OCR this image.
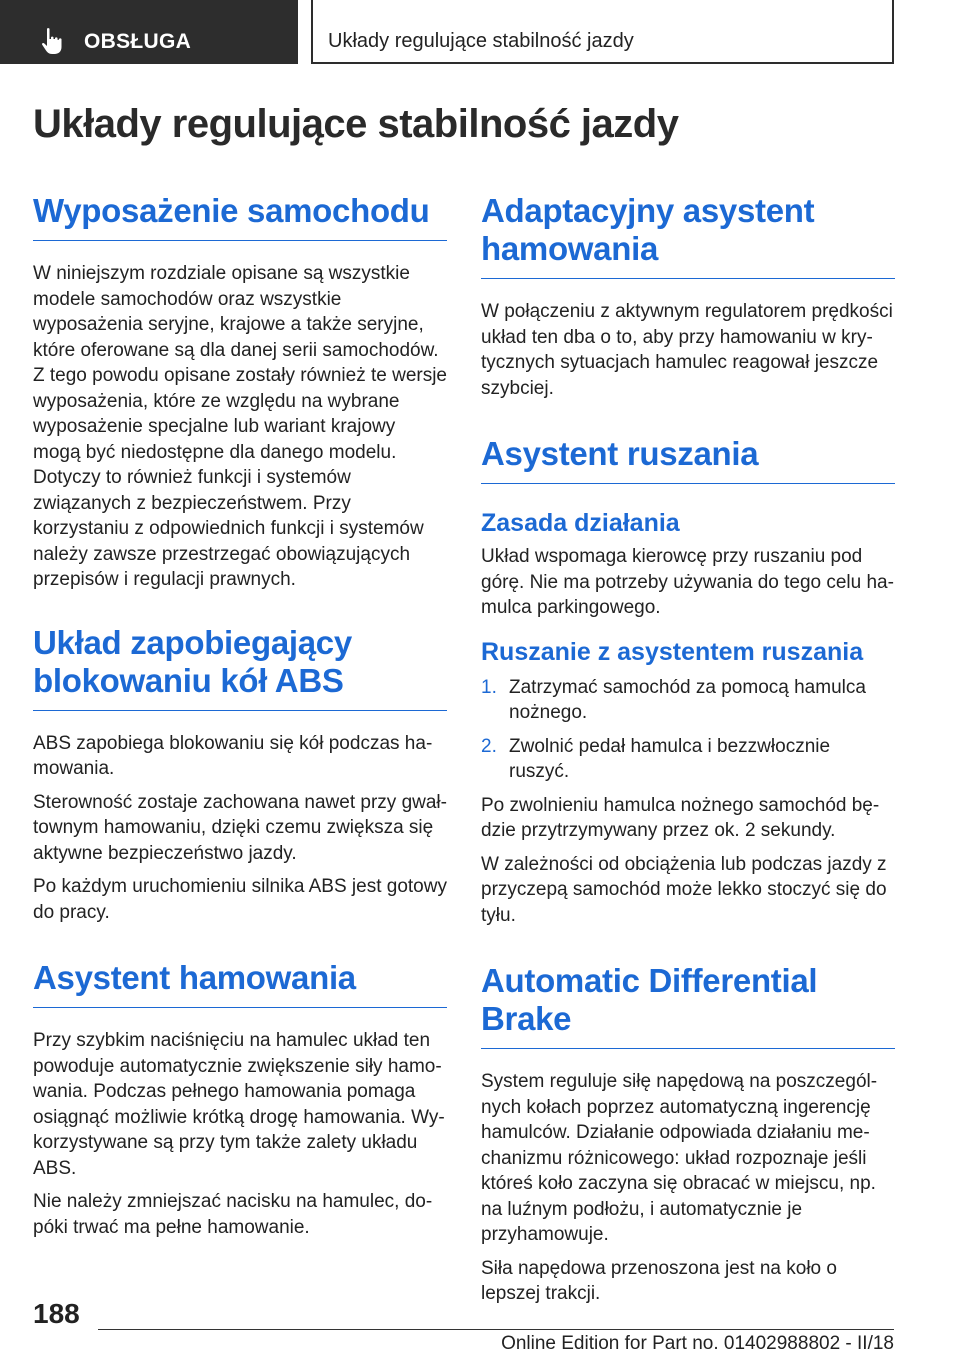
OBSŁUGA	Układy regulujące stabilność jazdy
Układy regulujące stabilność jazdy
Wyposażenie samochodu

W niniejszym rozdziale opisane są wszystkie modele samochodów oraz wszystkie wyposażenia seryjne, krajowe a także seryjne, które oferowane są dla danej serii samochodów. Z tego powodu opisane zostały również te wersje wyposażenia, które ze względu na wybrane wyposażenie specjalne lub wariant krajowy mogą być niedostępne dla danego modelu. Dotyczy to również funkcji i systemów związanych z bezpieczeństwem. Przy korzystaniu z odpowiednich funkcji i systemów należy zawsze przestrzegać obowiązujących przepisów i regulacji prawnych.

Układ zapobiegający blokowaniu kół ABS

ABS zapobiega blokowaniu się kół podczas hamowania.

Sterowność zostaje zachowana nawet przy gwałtownym hamowaniu, dzięki czemu zwiększa się aktywne bezpieczeństwo jazdy.

Po każdym uruchomieniu silnika ABS jest gotowy do pracy.

Asystent hamowania

Przy szybkim naciśnięciu na hamulec układ ten powoduje automatycznie zwiększenie siły hamowania. Podczas pełnego hamowania pomaga osiągnąć możliwie krótką drogę hamowania. Wykorzystywane są przy tym także zalety układu ABS.

Nie należy zmniejszać nacisku na hamulec, dopóki trwać ma pełne hamowanie.

Adaptacyjny asystent hamowania

W połączeniu z aktywnym regulatorem prędkości układ ten dba o to, aby przy hamowaniu w krytycznych sytuacjach hamulec reagował jeszcze szybciej.

Asystent ruszania
Zasada działania

Układ wspomaga kierowcę przy ruszaniu pod górę. Nie ma potrzeby używania do tego celu hamulca parkingowego.

Ruszanie z asystentem ruszania
1. Zatrzymać samochód za pomocą hamulca nożnego.
2. Zwolnić pedał hamulca i bezzwłocznie ruszyć.

Po zwolnieniu hamulca nożnego samochód będzie przytrzymywany przez ok. 2 sekundy.

W zależności od obciążenia lub podczas jazdy z przyczepą samochód może lekko stoczyć się do tyłu.

Automatic Differential Brake

System reguluje siłę napędową na poszczególnych kołach poprzez automatyczną ingerencję hamulców. Działanie odpowiada działaniu mechanizmu różnicowego: układ rozpoznaje jeśli któreś koło zaczyna się obracać w miejscu, np. na luźnym podłożu, i automatycznie je przyhamowuje.

Siła napędowa przenoszona jest na koło o lepszej trakcji.

188
Online Edition for Part no. 01402988802 - II/18
